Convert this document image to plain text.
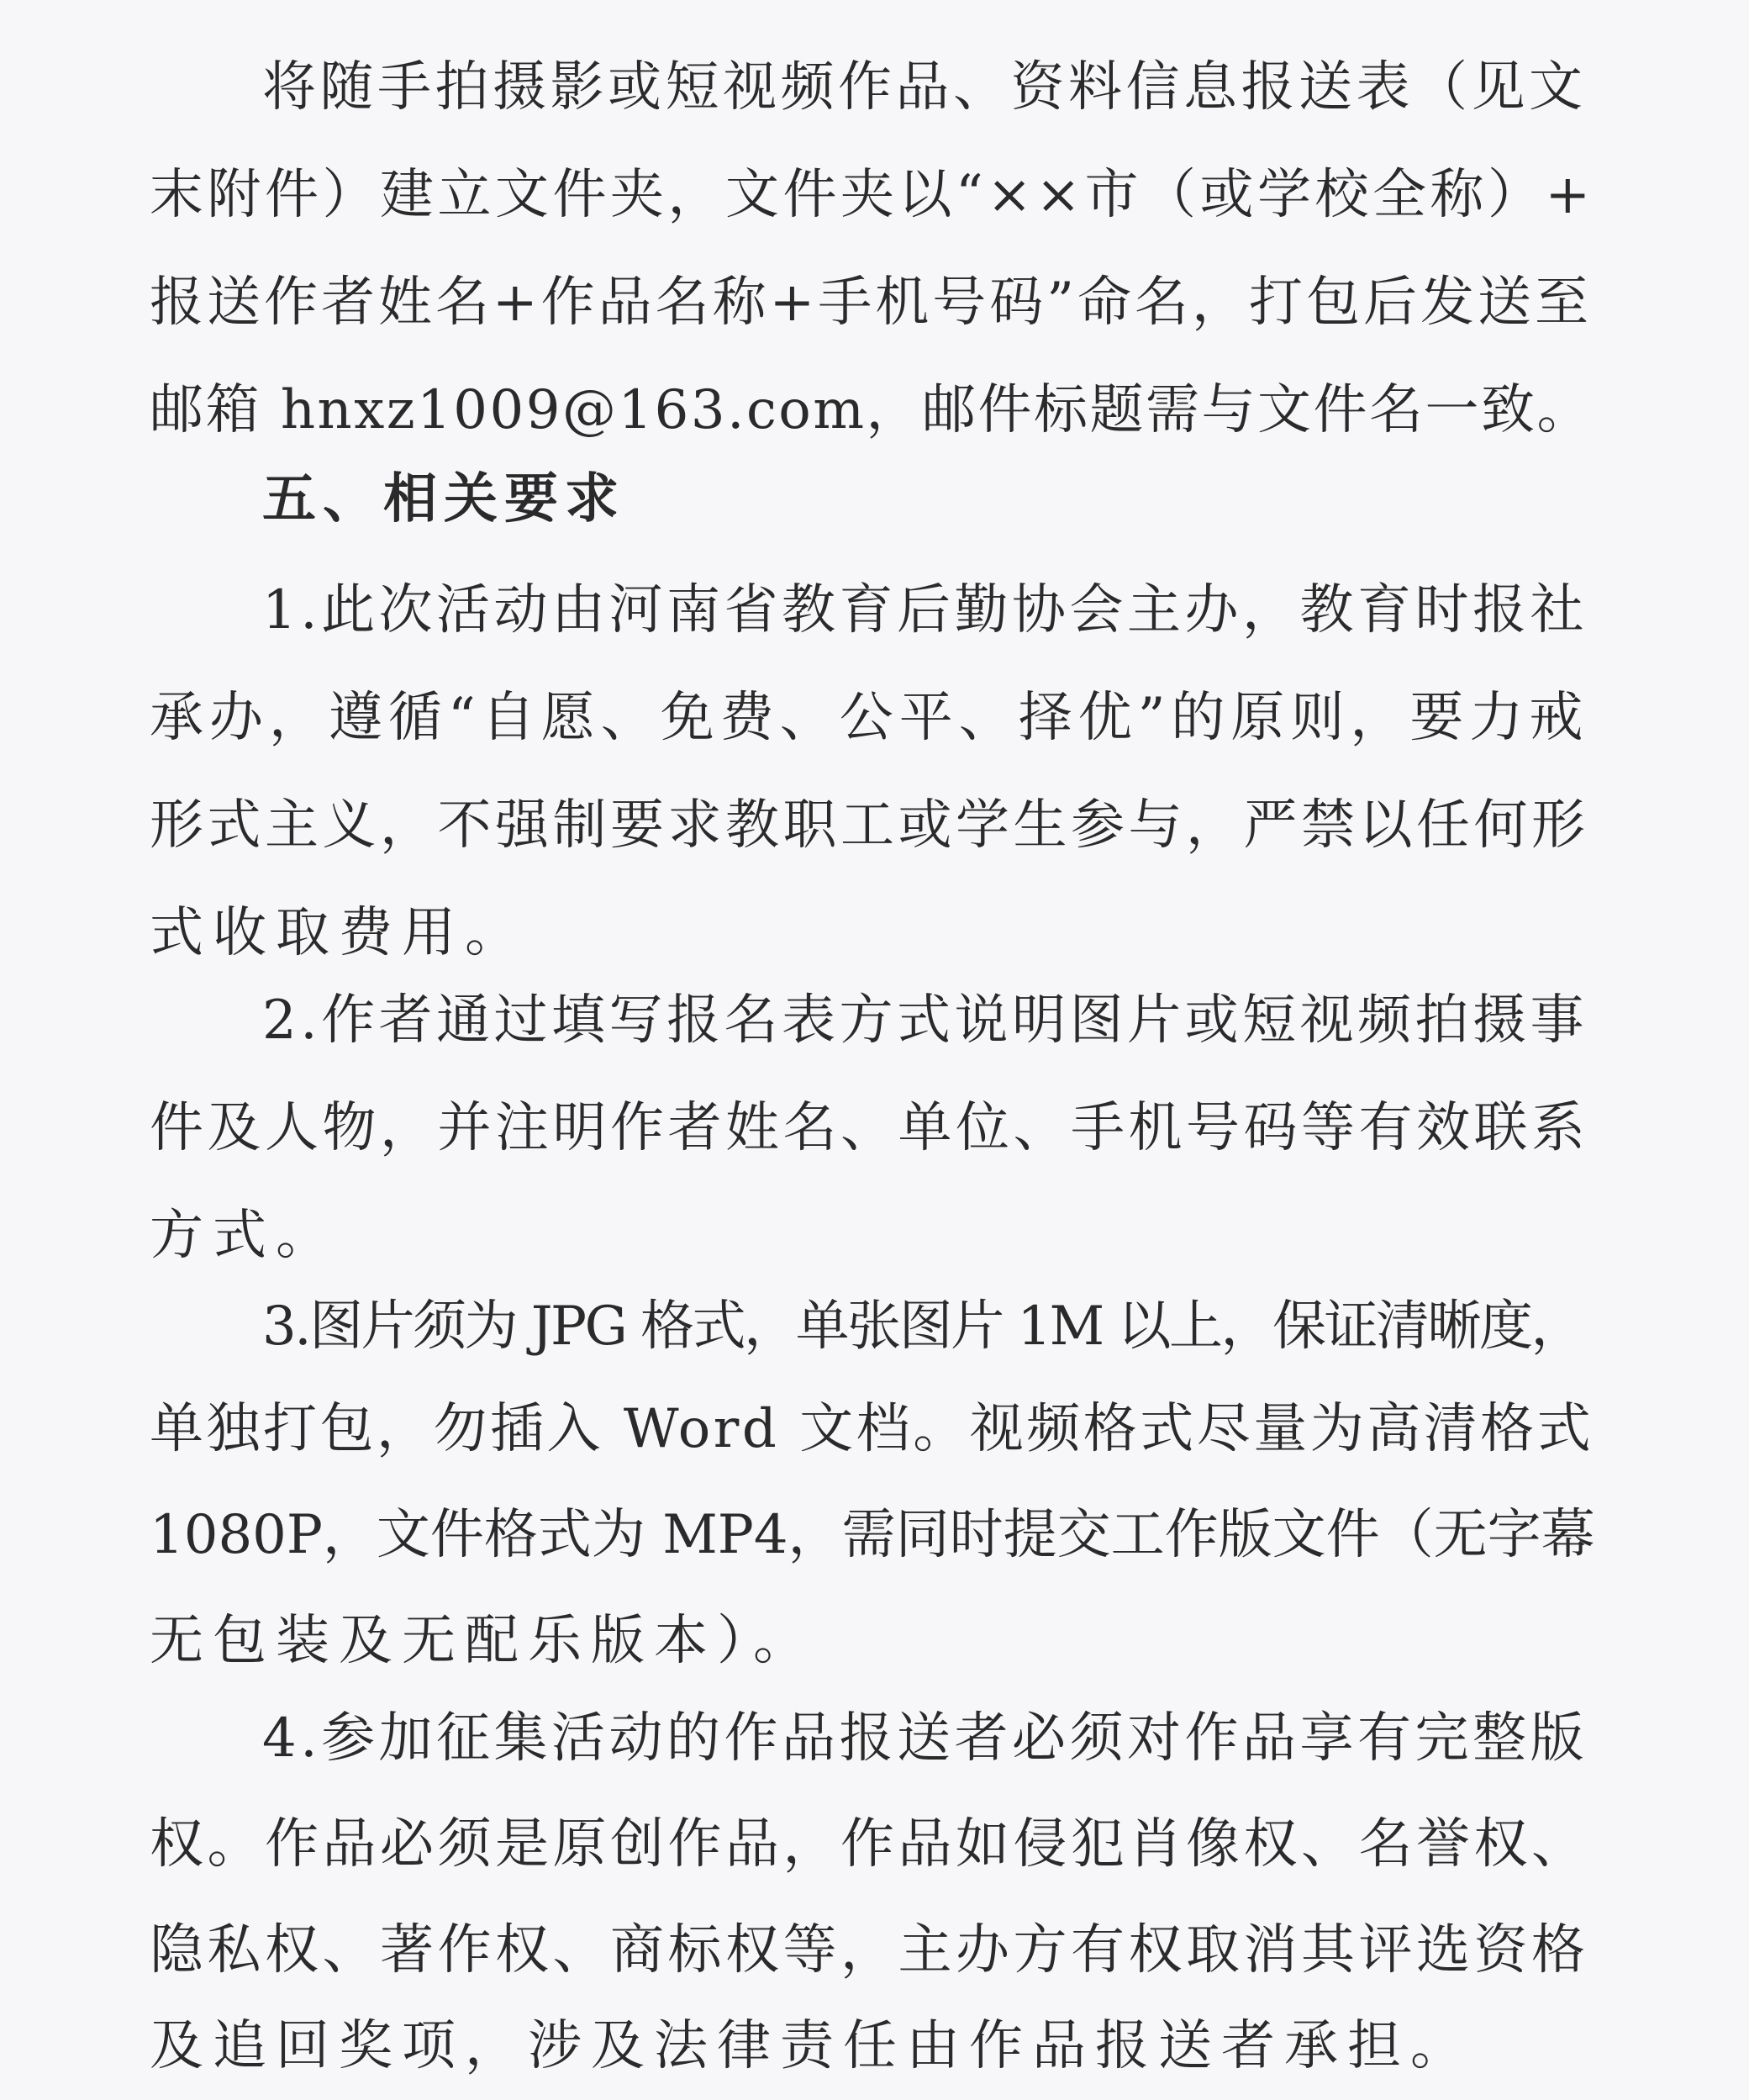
将随手拍摄影或短视频作品、资料信息报送表（见文
末附件）建立文件夹，文件夹以“××市（或学校全称）+
报送作者姓名+作品名称+手机号码”命名，打包后发送至
邮箱 hnxz1009@163.com，邮件标题需与文件名一致。
五、相关要求
1.此次活动由河南省教育后勤协会主办，教育时报社
承办，遵循“自愿、免费、公平、择优”的原则，要力戒
形式主义，不强制要求教职工或学生参与，严禁以任何形
式收取费用。
2.作者通过填写报名表方式说明图片或短视频拍摄事
件及人物，并注明作者姓名、单位、手机号码等有效联系
方式。
3.图片须为 JPG 格式，单张图片 1M 以上，保证清晰度，
单独打包，勿插入 Word 文档。视频格式尽量为高清格式
1080P，文件格式为 MP4，需同时提交工作版文件（无字幕
无包装及无配乐版本）。
4.参加征集活动的作品报送者必须对作品享有完整版
权。作品必须是原创作品，作品如侵犯肖像权、名誉权、
隐私权、著作权、商标权等，主办方有权取消其评选资格
及追回奖项，涉及法律责任由作品报送者承担。
